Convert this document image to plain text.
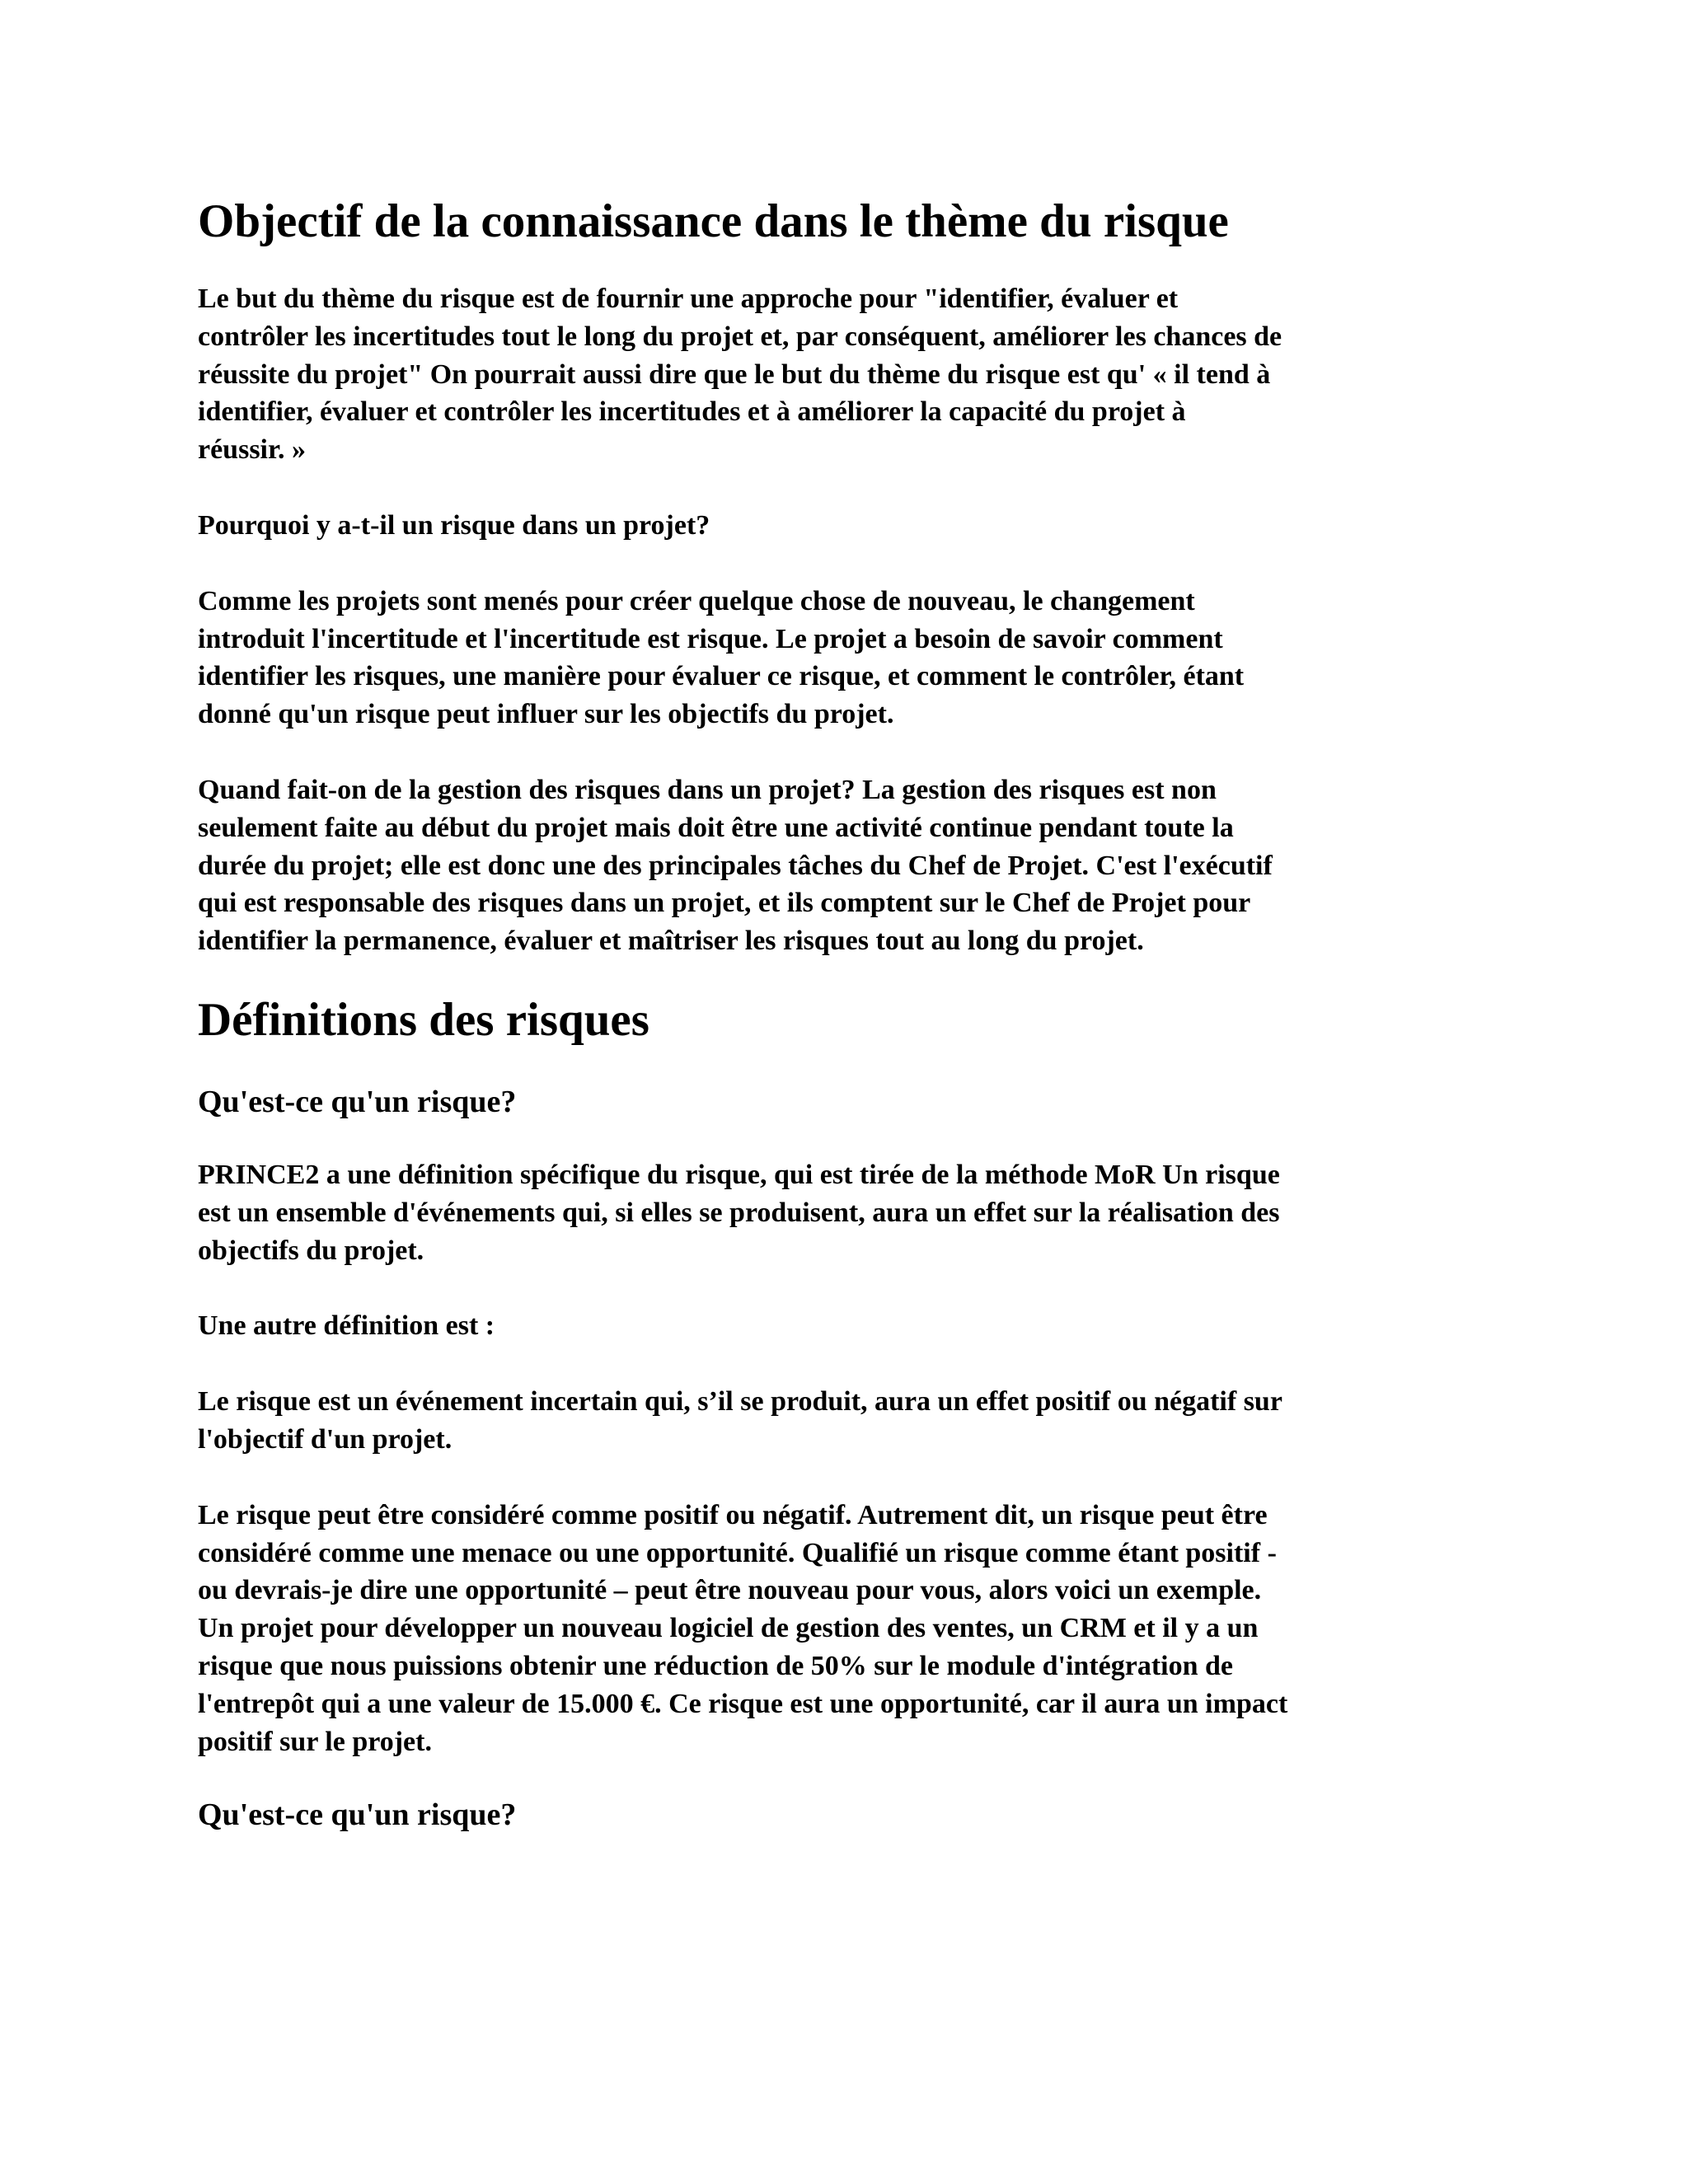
Objectif de la connaissance dans le thème du risque
Le but du thème du risque est de fournir une approche pour "identifier, évaluer et
contrôler les incertitudes tout le long du projet et, par conséquent, améliorer les chances de
réussite du projet" On pourrait aussi dire que le but du thème du risque est qu' « il tend à
identifier, évaluer et contrôler les incertitudes et à améliorer la capacité du projet à
réussir. »
Pourquoi y a-t-il un risque dans un projet?
Comme les projets sont menés pour créer quelque chose de nouveau, le changement
introduit l'incertitude et l'incertitude est risque. Le projet a besoin de savoir comment
identifier les risques, une manière pour évaluer ce risque, et comment le contrôler, étant
donné qu'un risque peut influer sur les objectifs du projet.
Quand fait-on de la gestion des risques dans un projet? La gestion des risques est non
seulement faite au début du projet mais doit être une activité continue pendant toute la
durée du projet; elle est donc une des principales tâches du Chef de Projet. C'est l'exécutif
qui est responsable des risques dans un projet, et ils comptent sur le Chef de Projet pour
identifier la permanence, évaluer et maîtriser les risques tout au long du projet.
Définitions des risques
Qu'est-ce qu'un risque?
PRINCE2 a une définition spécifique du risque, qui est tirée de la méthode MoR Un risque
est un ensemble d'événements qui, si elles se produisent, aura un effet sur la réalisation des
objectifs du projet.
Une autre définition est :
Le risque est un événement incertain qui, s’il se produit, aura un effet positif ou négatif sur
l'objectif d'un projet.
Le risque peut être considéré comme positif ou négatif. Autrement dit, un risque peut être
considéré comme une menace ou une opportunité. Qualifié un risque comme étant positif -
ou devrais-je dire une opportunité – peut être nouveau pour vous, alors voici un exemple.
Un projet pour développer un nouveau logiciel de gestion des ventes, un CRM et il y a un
risque que nous puissions obtenir une réduction de 50% sur le module d'intégration de
l'entrepôt qui a une valeur de 15.000 €. Ce risque est une opportunité, car il aura un impact
positif sur le projet.
Qu'est-ce qu'un risque?
